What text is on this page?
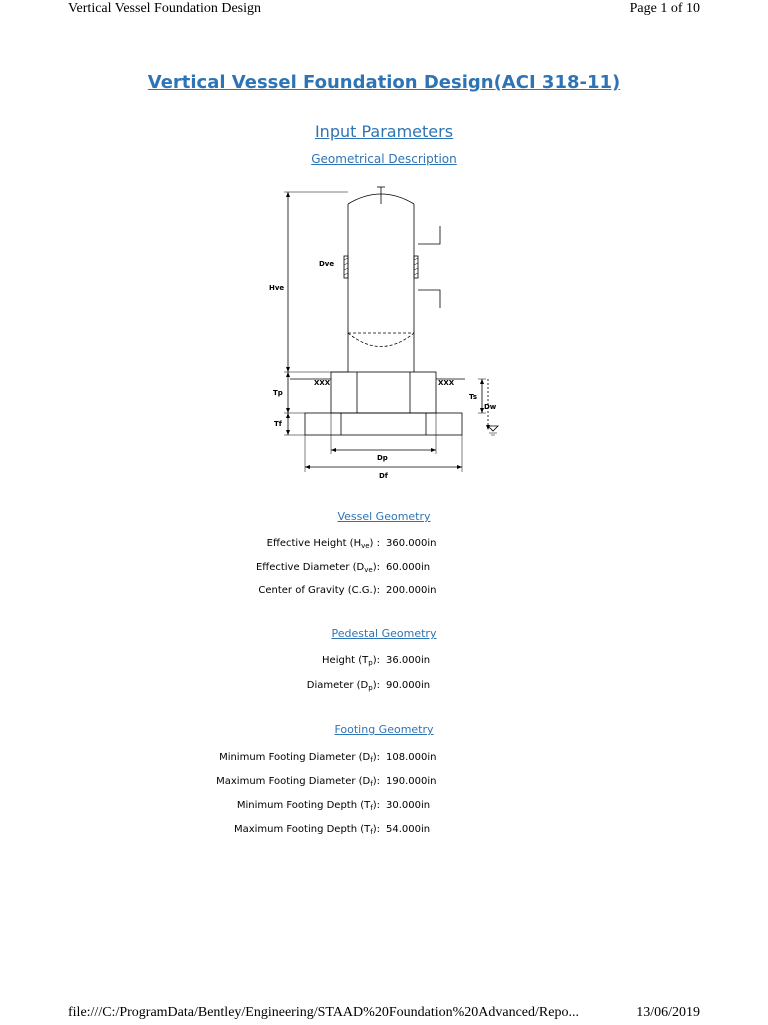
Vertical Vessel Foundation Design	Page 1 of 10
Vertical Vessel Foundation Design(ACI 318-11)
Input Parameters
Geometrical Description
Dve
Hve
Tp
Tf
Ts
Dw
Dp
Df
XXX	XXX
Vessel Geometry
Effective Height $(H_{ve})$ : 360.000in
Effective Diameter $(D_{ve})$: 60.000in
Center of Gravity (C.G.): 200.000in
Pedestal Geometry
Height $(T_p)$: 36.000in
Diameter $(D_p)$: 90.000in
Footing Geometry
Minimum Footing Diameter $(D_f)$: 108.000in
Maximum Footing Diameter $(D_f)$: 190.000in
Minimum Footing Depth $(T_f)$: 30.000in
Maximum Footing Depth $(T_f)$: 54.000in
file:///C:/ProgramData/Bentley/Engineering/STAAD%20Foundation%20Advanced/Repo...	13/06/2019
